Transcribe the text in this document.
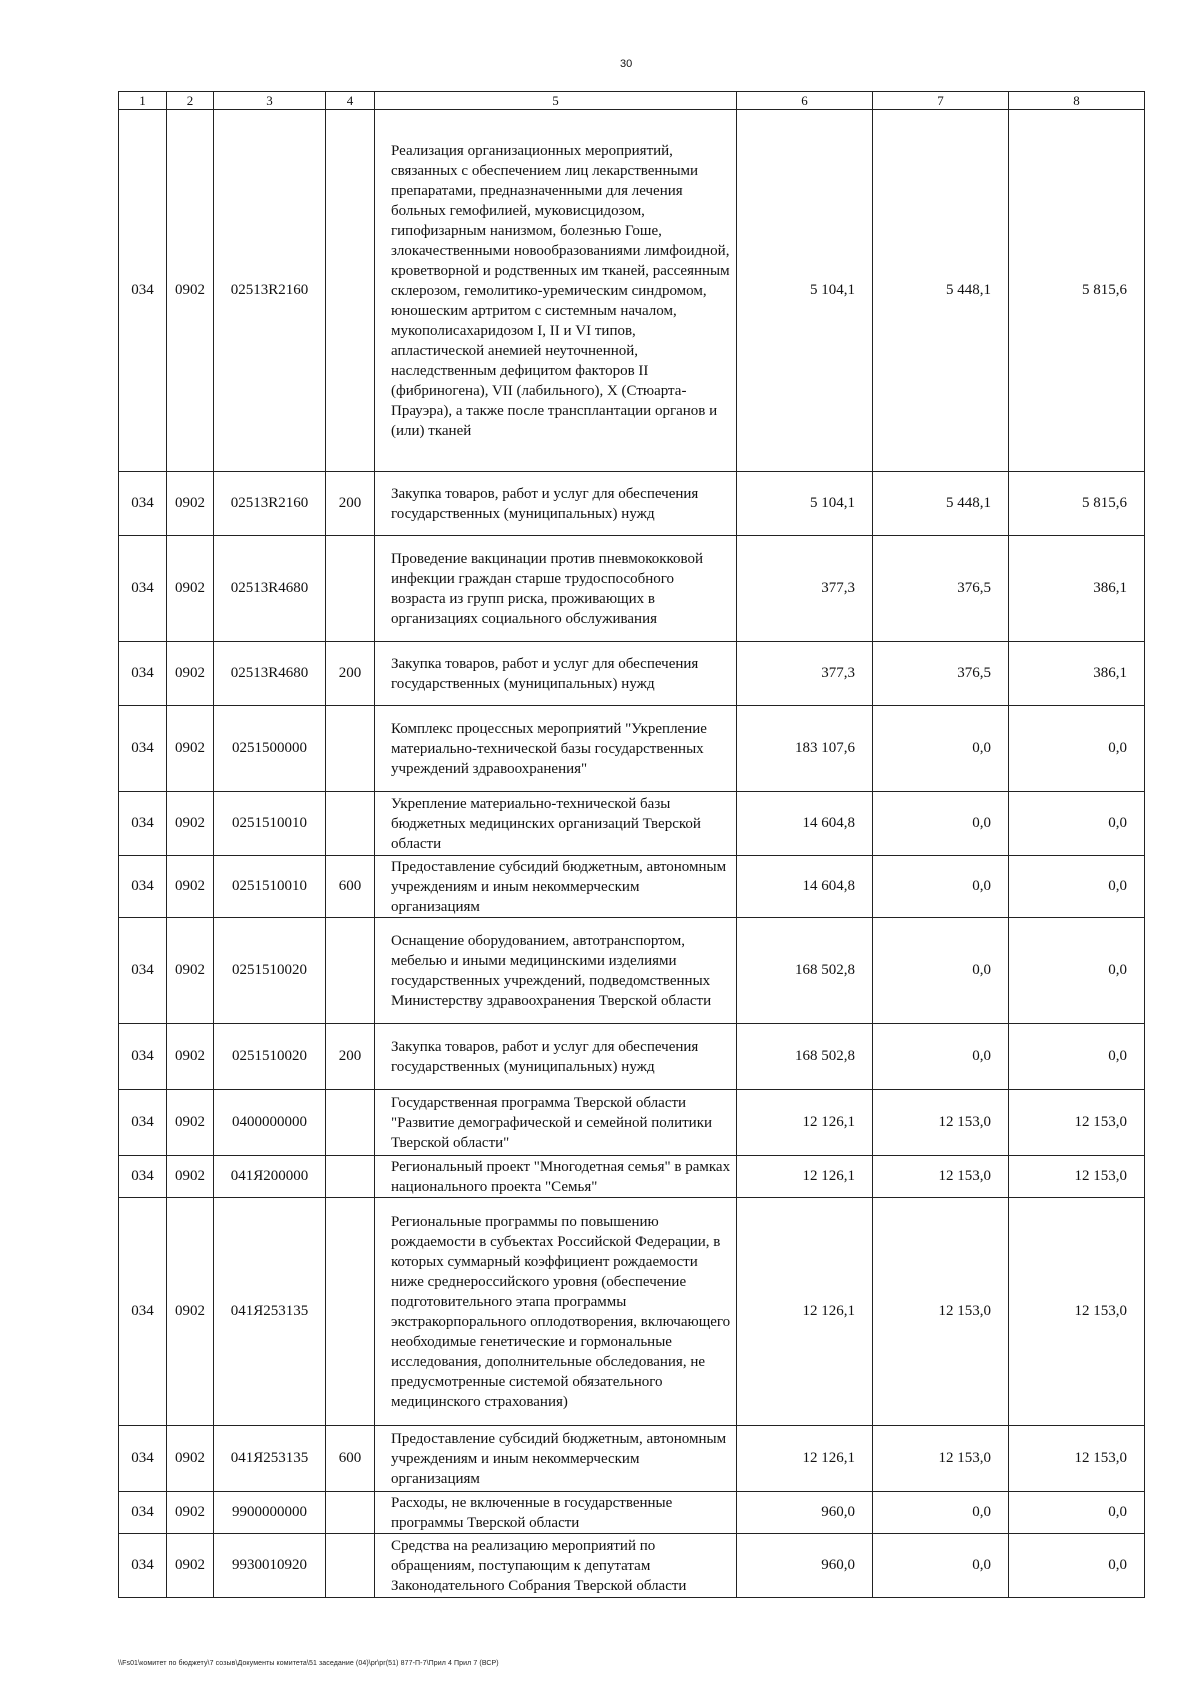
30
1	2	3	4	5	6	7	8
034	0902	02513R2160		Реализация организационных мероприятий, связанных с обеспечением лиц лекарственными препаратами, предназначенными для лечения больных гемофилией, муковисцидозом, гипофизарным нанизмом, болезнью Гоше, злокачественными новообразованиями лимфоидной, кроветворной и родственных им тканей, рассеянным склерозом, гемолитико-уремическим синдромом, юношеским артритом с системным началом, мукополисахаридозом I, II и VI типов, апластической анемией неуточненной, наследственным дефицитом факторов II (фибриногена), VII (лабильного), X (Стюарта-Прауэра), а также после трансплантации органов и (или) тканей	5 104,1	5 448,1	5 815,6
034	0902	02513R2160	200	Закупка товаров, работ и услуг для обеспечения государственных (муниципальных) нужд	5 104,1	5 448,1	5 815,6
034	0902	02513R4680		Проведение вакцинации против пневмококковой инфекции граждан старше трудоспособного возраста из групп риска, проживающих в организациях социального обслуживания	377,3	376,5	386,1
034	0902	02513R4680	200	Закупка товаров, работ и услуг для обеспечения государственных (муниципальных) нужд	377,3	376,5	386,1
034	0902	0251500000		Комплекс процессных мероприятий "Укрепление материально-технической базы государственных учреждений здравоохранения"	183 107,6	0,0	0,0
034	0902	0251510010		Укрепление материально-технической базы бюджетных медицинских организаций Тверской области	14 604,8	0,0	0,0
034	0902	0251510010	600	Предоставление субсидий бюджетным, автономным учреждениям и иным некоммерческим организациям	14 604,8	0,0	0,0
034	0902	0251510020		Оснащение оборудованием, автотранспортом, мебелью и иными медицинскими изделиями государственных учреждений, подведомственных Министерству здравоохранения Тверской области	168 502,8	0,0	0,0
034	0902	0251510020	200	Закупка товаров, работ и услуг для обеспечения государственных (муниципальных) нужд	168 502,8	0,0	0,0
034	0902	0400000000		Государственная программа Тверской области "Развитие демографической и семейной политики Тверской области"	12 126,1	12 153,0	12 153,0
034	0902	041Я200000		Региональный проект "Многодетная семья" в рамках национального проекта "Семья"	12 126,1	12 153,0	12 153,0
034	0902	041Я253135		Региональные программы по повышению рождаемости в субъектах Российской Федерации, в которых суммарный коэффициент рождаемости ниже среднероссийского уровня (обеспечение подготовительного этапа программы экстракорпорального оплодотворения, включающего необходимые генетические и гормональные исследования, дополнительные обследования, не предусмотренные системой обязательного медицинского страхования)	12 126,1	12 153,0	12 153,0
034	0902	041Я253135	600	Предоставление субсидий бюджетным, автономным учреждениям и иным некоммерческим организациям	12 126,1	12 153,0	12 153,0
034	0902	9900000000		Расходы, не включенные в государственные программы Тверской области	960,0	0,0	0,0
034	0902	9930010920		Средства на реализацию мероприятий по обращениям, поступающим к депутатам Законодательного Собрания Тверской области	960,0	0,0	0,0
\\Fs01\комитет по бюджету\7 созыв\Документы комитета\51 заседание (04)\pr\pr(51) 877-П-7\Прил 4 Прил 7 (ВСР)
